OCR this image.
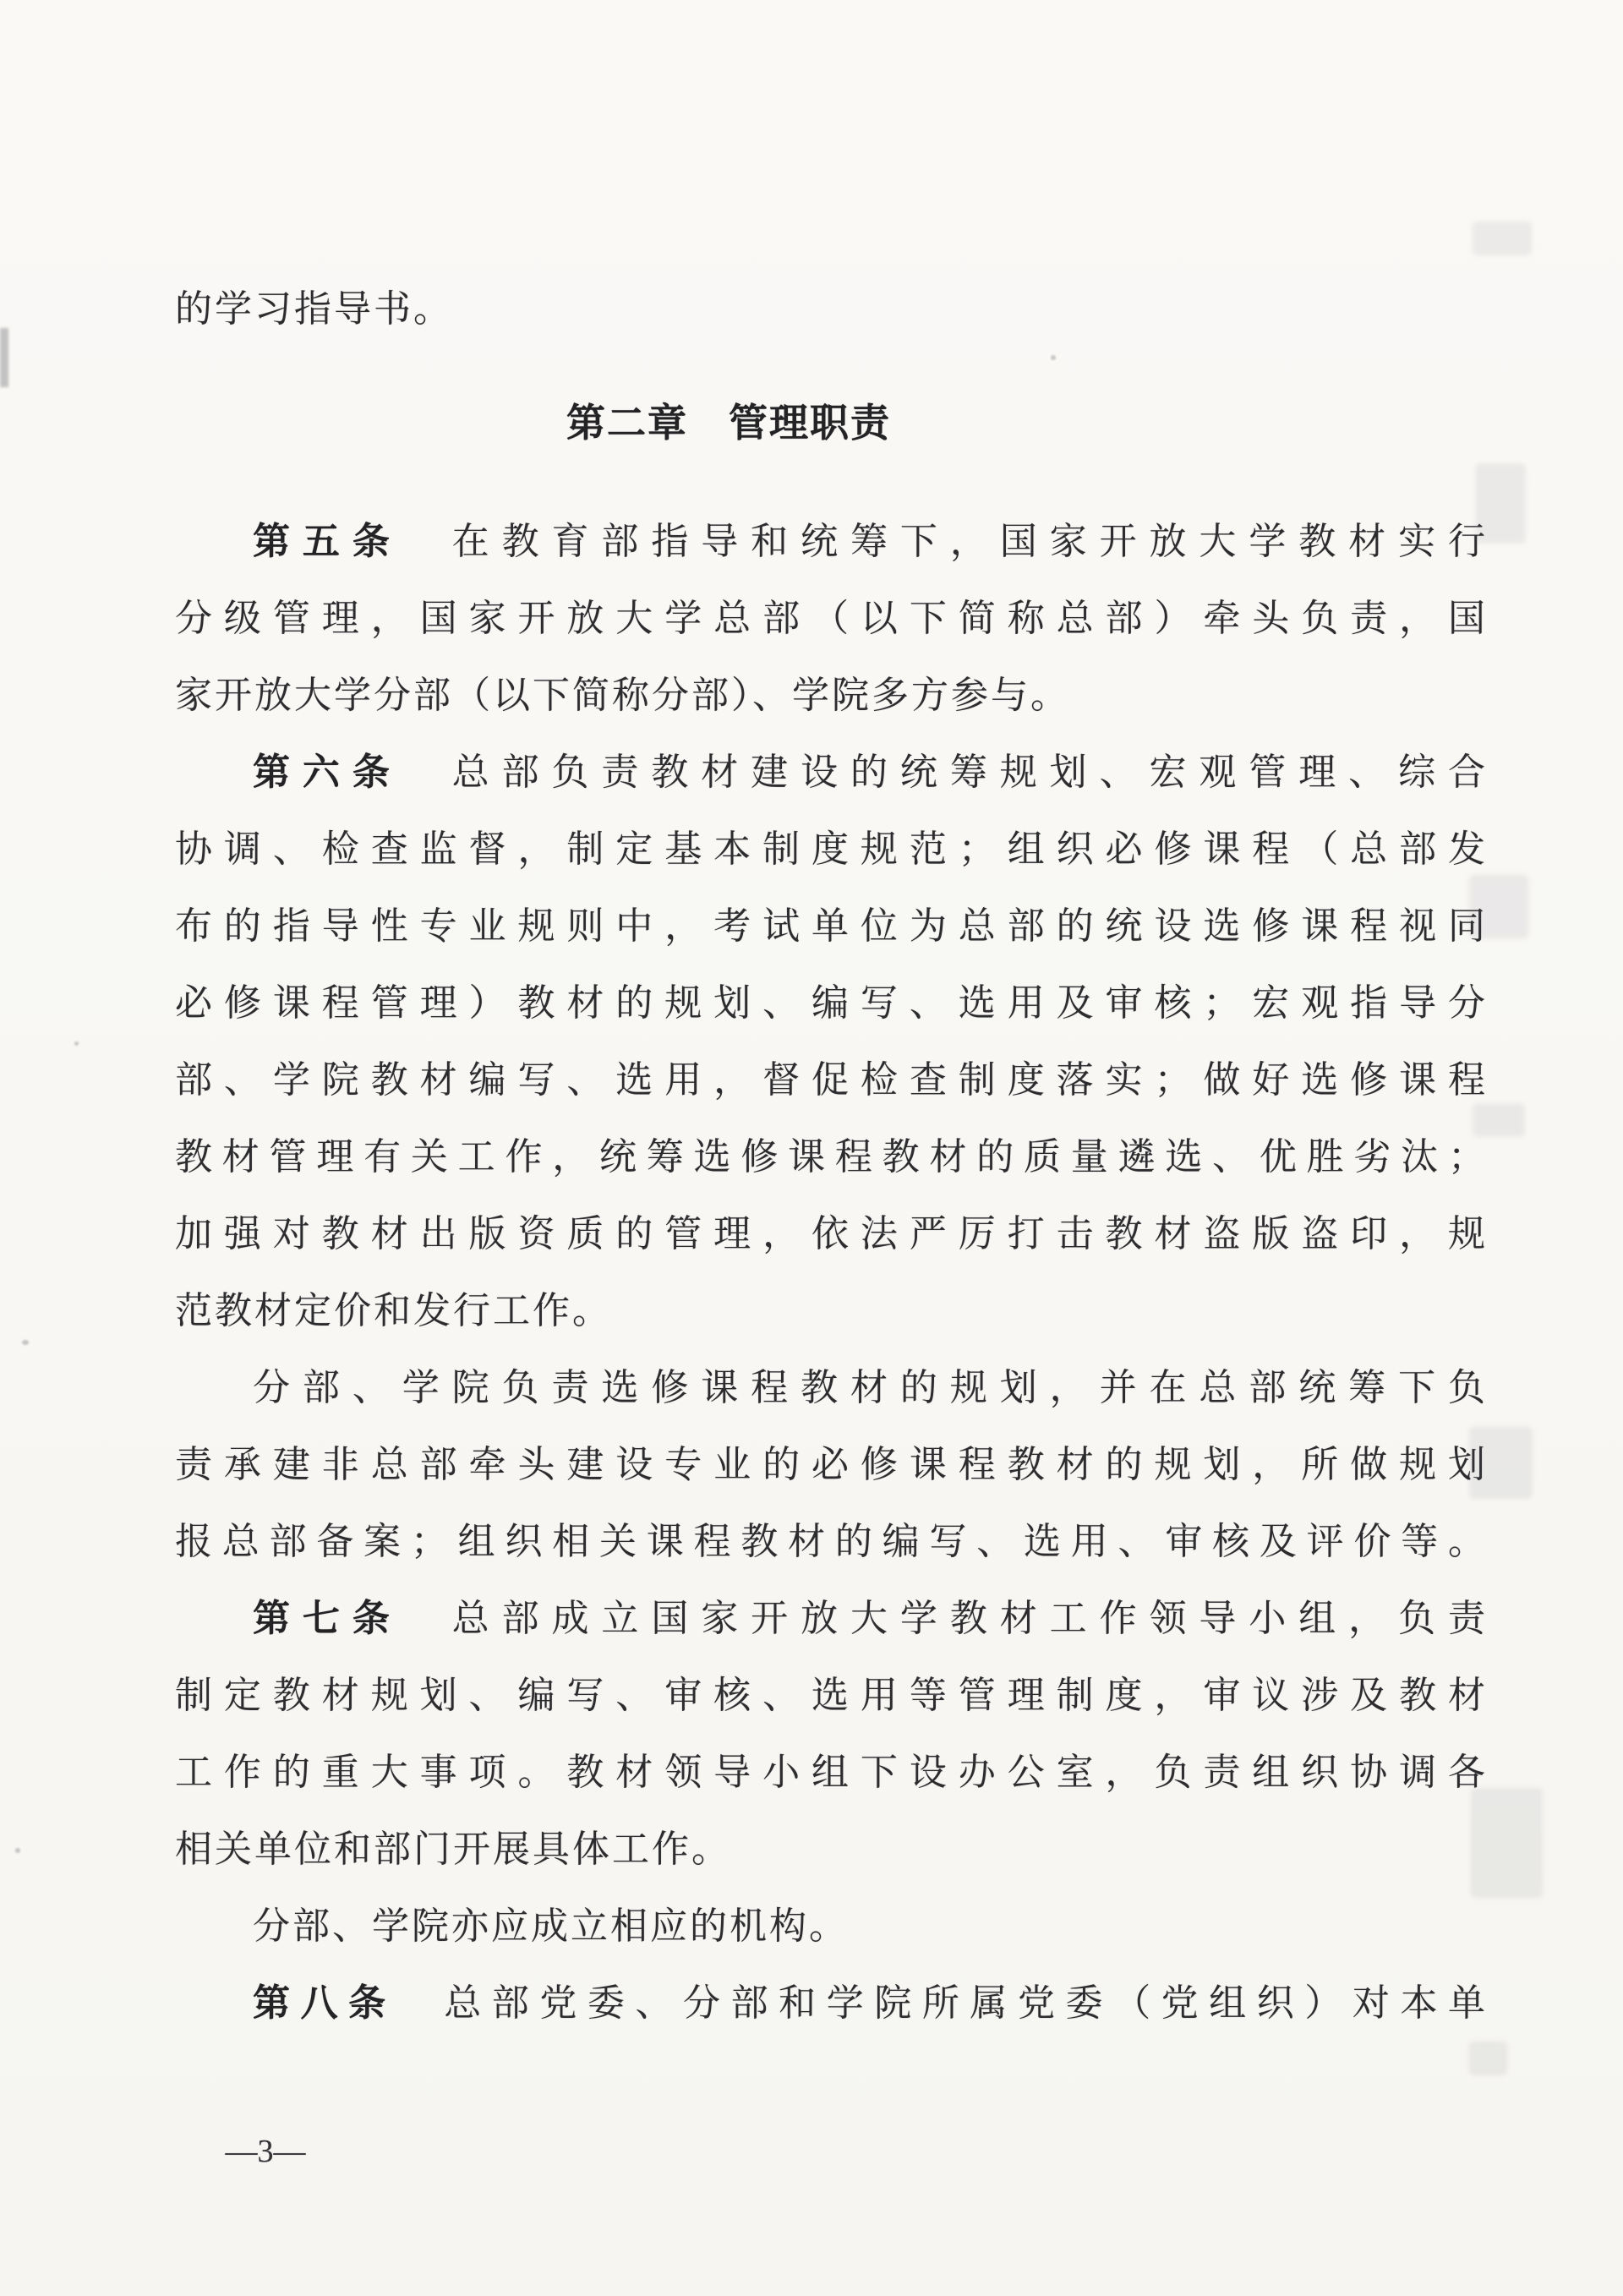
的学习指导书。
第二章　管理职责
第五条　在教育部指导和统筹下，国家开放大学教材实行
分级管理，国家开放大学总部（以下简称总部）牵头负责，国
家开放大学分部（以下简称分部）、学院多方参与。
第六条　总部负责教材建设的统筹规划、宏观管理、综合
协调、检查监督，制定基本制度规范；组织必修课程（总部发
布的指导性专业规则中，考试单位为总部的统设选修课程视同
必修课程管理）教材的规划、编写、选用及审核；宏观指导分
部、学院教材编写、选用，督促检查制度落实；做好选修课程
教材管理有关工作，统筹选修课程教材的质量遴选、优胜劣汰；
加强对教材出版资质的管理，依法严厉打击教材盗版盗印，规
范教材定价和发行工作。
分部、学院负责选修课程教材的规划，并在总部统筹下负
责承建非总部牵头建设专业的必修课程教材的规划，所做规划
报总部备案；组织相关课程教材的编写、选用、审核及评价等。
第七条　总部成立国家开放大学教材工作领导小组，负责
制定教材规划、编写、审核、选用等管理制度，审议涉及教材
工作的重大事项。教材领导小组下设办公室，负责组织协调各
相关单位和部门开展具体工作。
分部、学院亦应成立相应的机构。
第八条　总部党委、分部和学院所属党委（党组织）对本单
—3—
